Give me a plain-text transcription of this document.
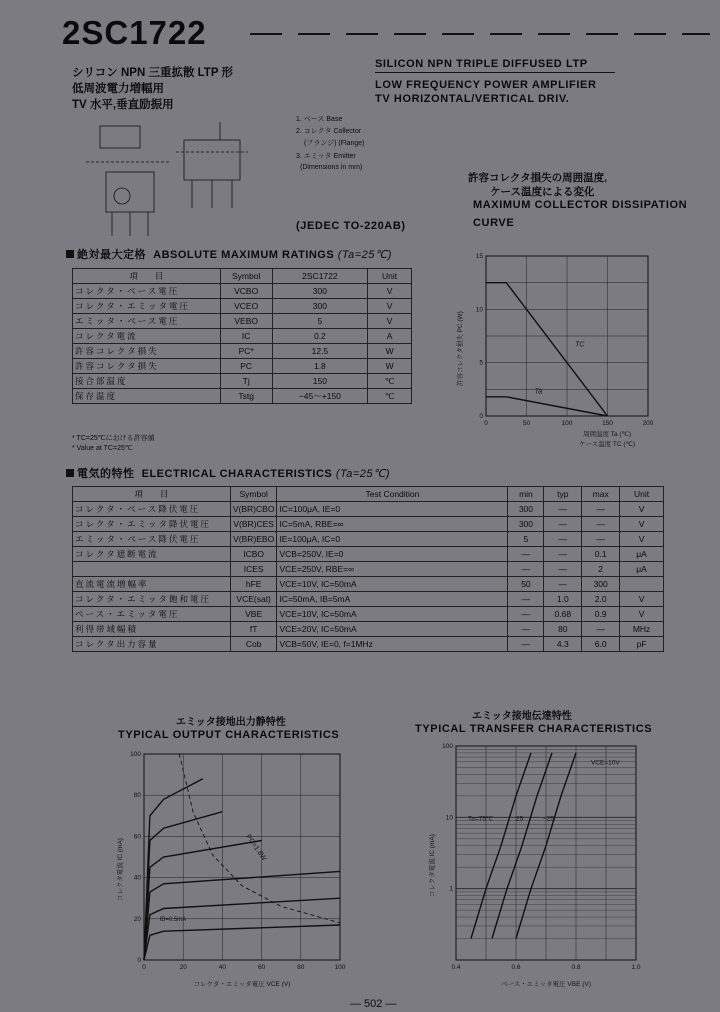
2SC1722
シリコン NPN 三重拡散 LTP 形
低周波電力増幅用
TV 水平,垂直励振用
SILICON NPN TRIPLE DIFFUSED LTP
LOW FREQUENCY POWER AMPLIFIER
TV HORIZONTAL/VERTICAL DRIV.
1. ベース Base
2. コレクタ Collector
(フランジ) (Flange)
3. エミッタ Emitter
(Dimensions in mm)
(JEDEC TO-220AB)
絶対最大定格 ABSOLUTE MAXIMUM RATINGS (Ta=25℃)
項　　目	Symbol	2SC1722	Unit
コレクタ・ベース電圧	VCBO	300	V
コレクタ・エミッタ電圧	VCEO	300	V
エミッタ・ベース電圧	VEBO	5	V
コレクタ電流	IC	0.2	A
許容コレクタ損失	PC*	12.5	W
許容コレクタ損失	PC	1.8	W
接合部温度	Tj	150	℃
保存温度	Tstg	−45〜+150	℃
* TC=25℃における許容値
* Value at TC=25℃
許容コレクタ損失の周囲温度,
ケース温度による変化
MAXIMUM COLLECTOR DISSIPATION
CURVE
0	50	100	150	200
0
5
10
15
TC
Ta
許容コレクタ損失 PC (W)
周囲温度 Ta (℃)
ケース温度 TC (℃)
電気的特性 ELECTRICAL CHARACTERISTICS (Ta=25℃)
項　　目	Symbol	Test Condition	min	typ	max	Unit
コレクタ・ベース降伏電圧	V(BR)CBO	IC=100μA, IE=0	300	—	—	V
コレクタ・エミッタ降伏電圧	V(BR)CES	IC=5mA, RBE=∞	300	—	—	V
エミッタ・ベース降伏電圧	V(BR)EBO	IE=100μA, IC=0	5	—	—	V
コレクタ遮断電流	ICBO	VCB=250V, IE=0	—	—	0.1	μA
	ICES	VCE=250V, RBE=∞	—	—	2	μA
直流電流増幅率	hFE	VCE=10V, IC=50mA	50	—	300	
コレクタ・エミッタ飽和電圧	VCE(sat)	IC=50mA, IB=5mA	—	1.0	2.0	V
ベース・エミッタ電圧	VBE	VCE=10V, IC=50mA	—	0.68	0.9	V
利得帯域幅積	fT	VCE=20V, IC=50mA	—	80	—	MHz
コレクタ出力容量	Cob	VCB=50V, IE=0, f=1MHz	—	4.3	6.0	pF
エミッタ接地出力静特性
TYPICAL OUTPUT CHARACTERISTICS
0	20	40	60	80	100
0
20
40
60
80
100
PC=1.8W
IB=0.5mA
コレクタ電流 IC (mA)
コレクタ・エミッタ電圧 VCE (V)
エミッタ接地伝達特性
TYPICAL TRANSFER CHARACTERISTICS
0.4	0.6	0.8	1.0
1
10
100
VCE=10V
Ta=75℃	25	−25
コレクタ電流 IC (mA)
ベース・エミッタ電圧 VBE (V)
— 502 —
